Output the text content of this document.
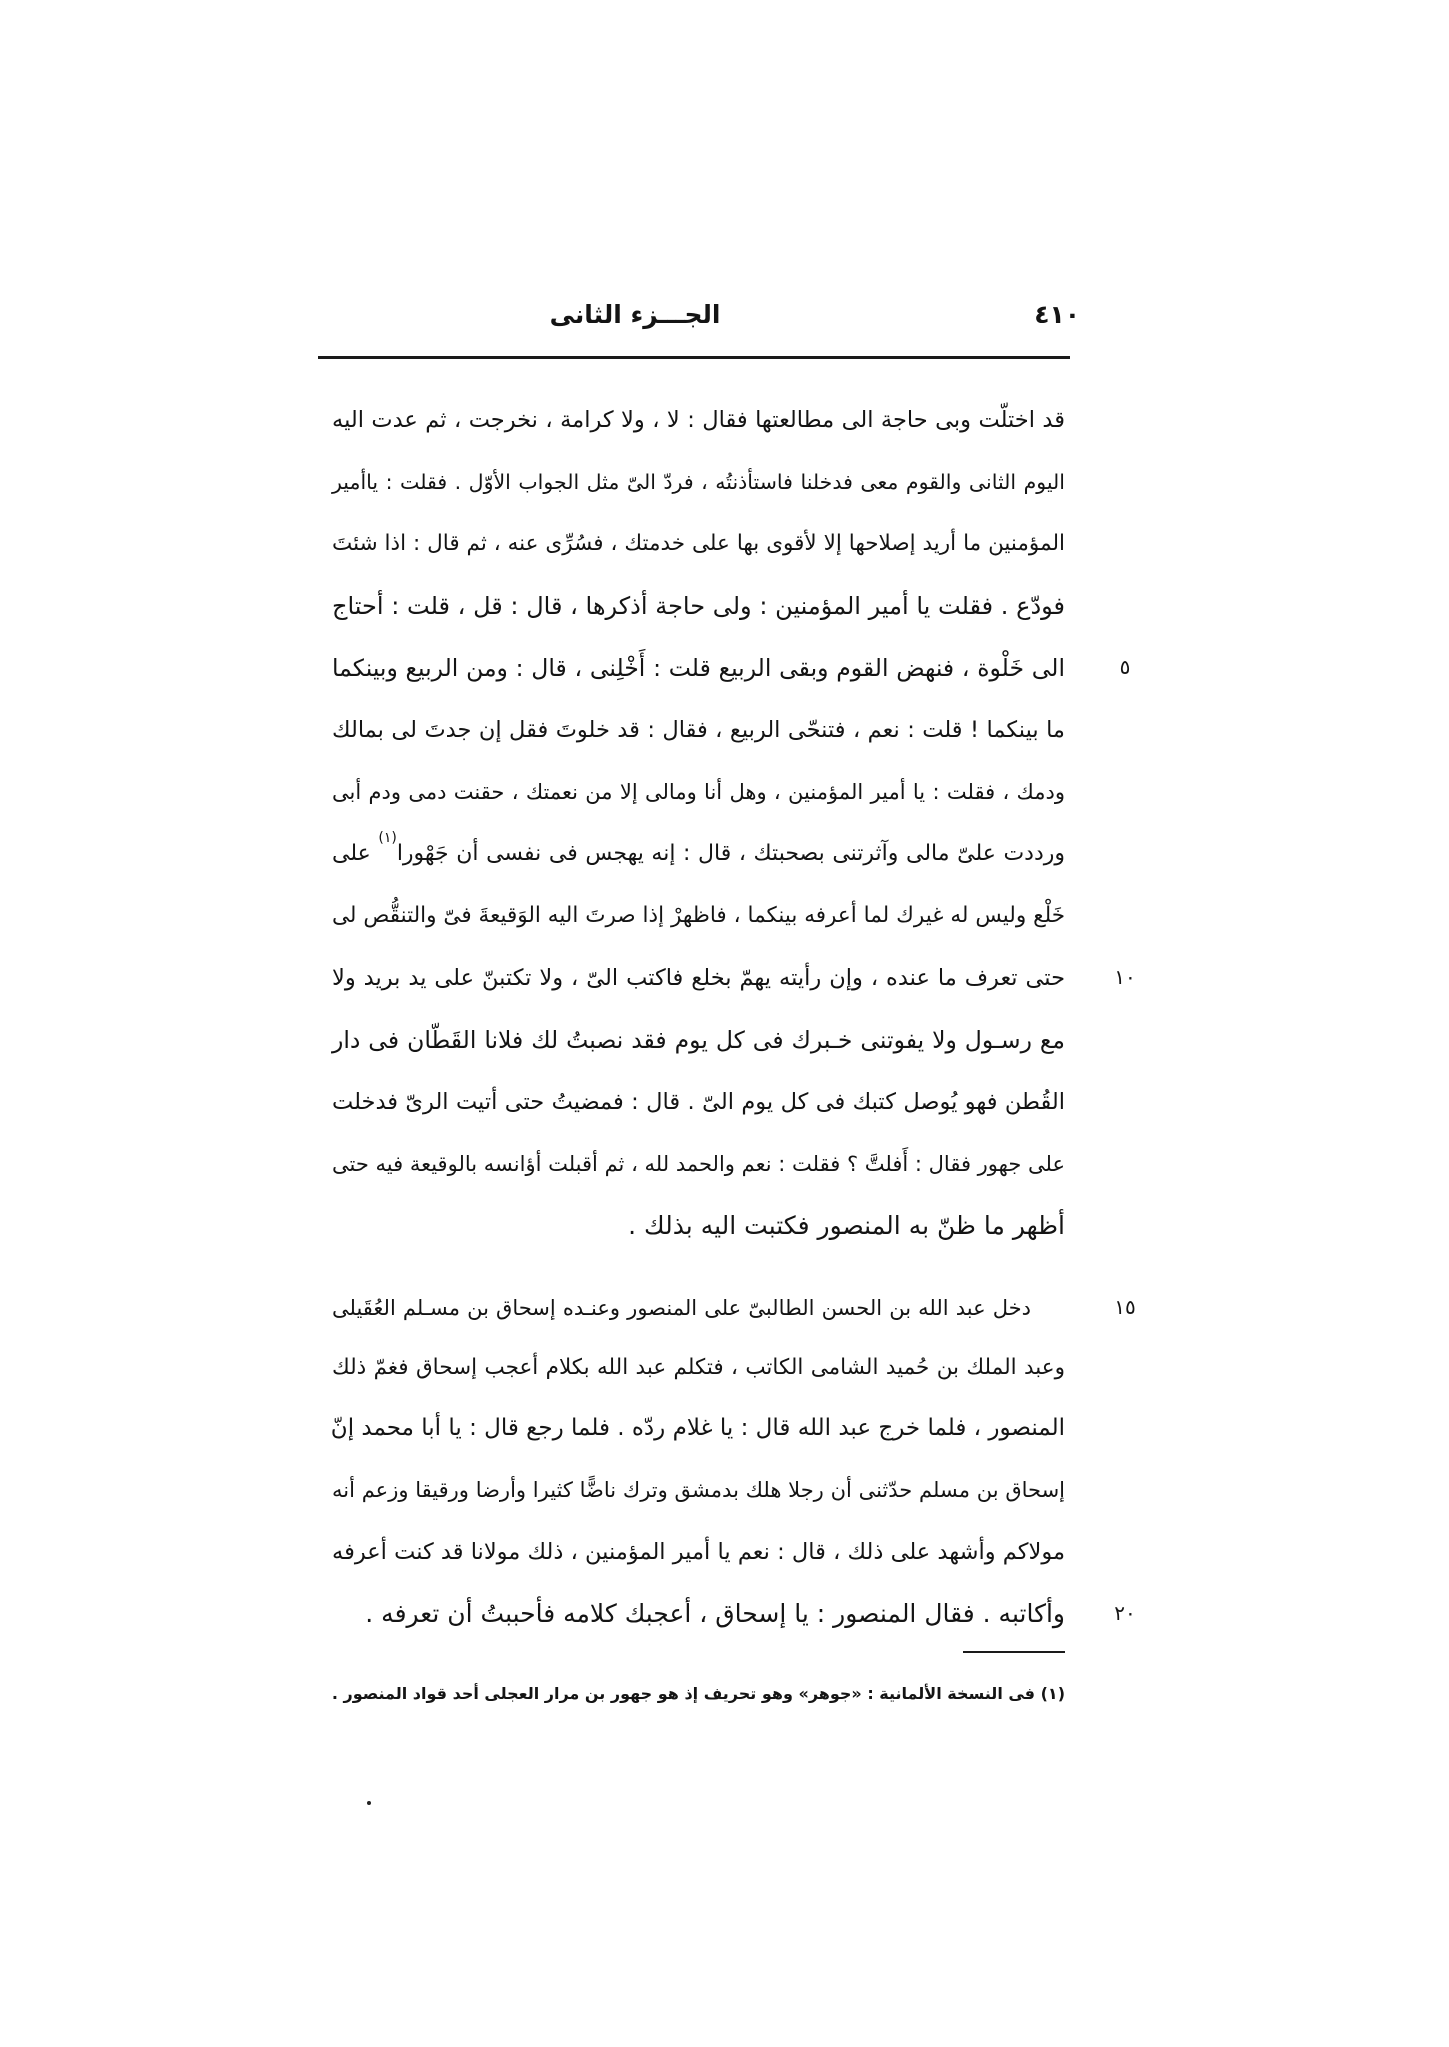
الجـــزء الثانى	٤١٠
قد اختلّت وبى حاجة الى مطالعتها فقال : لا ، ولا كرامة ، نخرجت ، ثم عدت اليه
اليوم الثانى والقوم معى فدخلنا فاستأذنتُه ، فردّ الىّ مثل الجواب الأوّل . فقلت : ياأمير
المؤمنين ما أريد إصلاحها إلا لأقوى بها على خدمتك ، فسُرِّى عنه ، ثم قال : اذا شئتَ
فودّع . فقلت يا أمير المؤمنين : ولى حاجة أذكرها ، قال : قل ، قلت : أحتاج
الى خَلْوة ، فنهض القوم وبقى الربيع قلت : أَخْلِنى ، قال : ومن الربيع وبينكما
ما بينكما ! قلت : نعم ، فتنحّى الربيع ، فقال : قد خلوتَ فقل إن جدتَ لى بمالك
ودمك ، فقلت : يا أمير المؤمنين ، وهل أنا ومالى إلا من نعمتك ، حقنت دمى ودم أبى
ورددت علىّ مالى وآثرتنى بصحبتك ، قال : إنه يهجس فى نفسى أن جَهْورا$^{(١)}$ على
خَلْع وليس له غيرك لما أعرفه بينكما ، فاظهرْ إذا صرتَ اليه الوَقيعةَ فىّ والتنقُّص لى
حتى تعرف ما عنده ، وإن رأيته يهمّ بخلع فاكتب الىّ ، ولا تكتبنّ على يد بريد ولا
مع رسـول ولا يفوتنى خـبرك فى كل يوم فقد نصبتُ لك فلانا القَطّان فى دار
القُطن فهو يُوصل كتبك فى كل يوم الىّ . قال : فمضيتُ حتى أتيت الرىّ فدخلت
على جهور فقال : أَفلتَّ ؟ فقلت : نعم والحمد لله ، ثم أقبلت أؤانسه بالوقيعة فيه حتى
أظهر ما ظنّ به المنصور فكتبت اليه بذلك .
دخل عبد الله بن الحسن الطالبىّ على المنصور وعنـده إسحاق بن مسـلم العُقَيلى
وعبد الملك بن حُميد الشامى الكاتب ، فتكلم عبد الله بكلام أعجب إسحاق فغمّ ذلك
المنصور ، فلما خرج عبد الله قال : يا غلام ردّه . فلما رجع قال : يا أبا محمد إنّ
إسحاق بن مسلم حدّثنى أن رجلا هلك بدمشق وترك ناضًّا كثيرا وأرضا ورقيقا وزعم أنه
مولاكم وأشهد على ذلك ، قال : نعم يا أمير المؤمنين ، ذلك مولانا قد كنت أعرفه
وأكاتبه . فقال المنصور : يا إسحاق ، أعجبك كلامه فأحببتُ أن تعرفه .
٥
١٠
١٥
٢٠
(١) فى النسخة الألمانية : «جوهر» وهو تحريف إذ هو جهور بن مرار العجلى أحد قواد المنصور .
